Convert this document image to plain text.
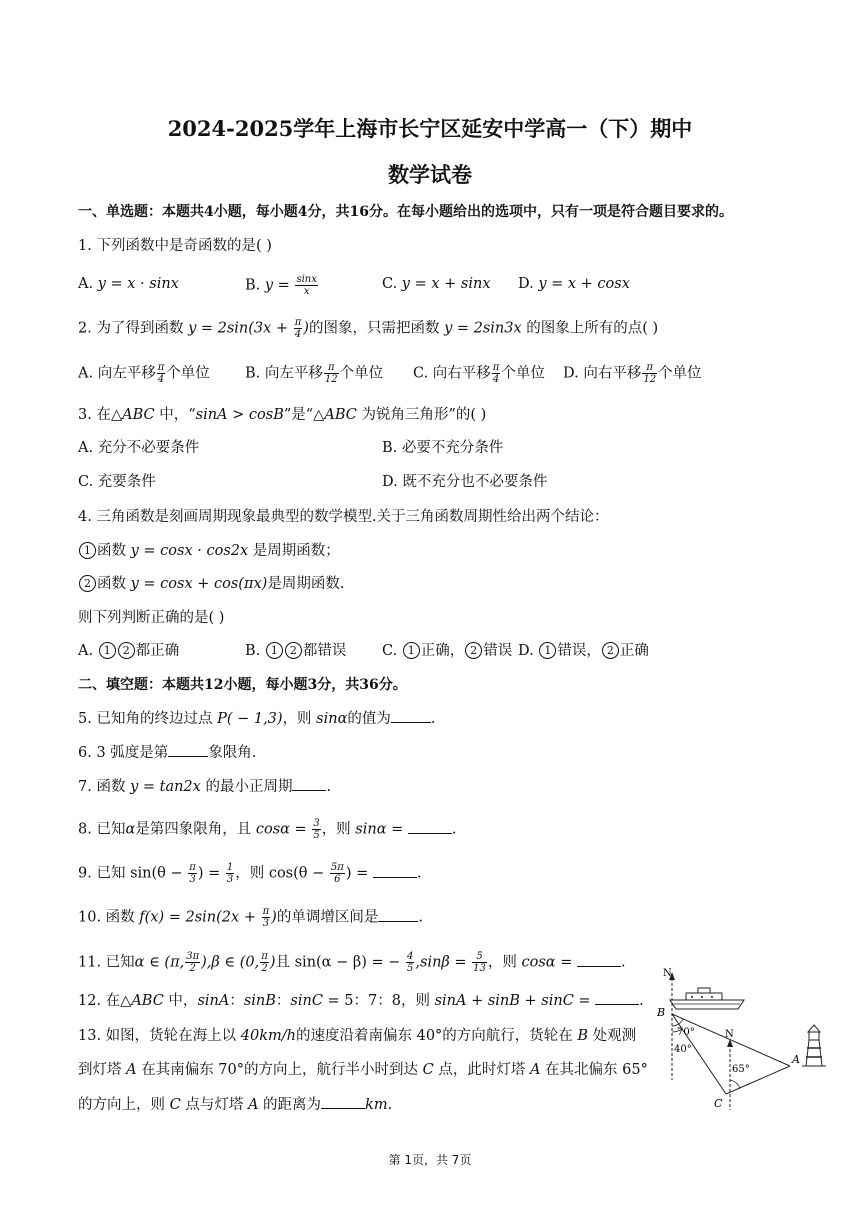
2024-2025学年上海市长宁区延安中学高一（下）期中
数学试卷
一、单选题：本题共4小题，每小题4分，共16分。在每小题给出的选项中，只有一项是符合题目要求的。
1. 下列函数中是奇函数的是( )
A. y = x · sinx	B. $y = \frac{\sin x}{x}$	C. y = x + sinx D. y = x + cosx
2. 为了得到函数 $y = 2\sin(3x + \frac{\pi}{4}$ )的图象，只需把函数 y = 2sin3x 的图象上所有的点( )
A. 向左平移 $\frac{\pi}{4}$ 个单位 B. 向左平移 $\frac{\pi}{12}$ 个单位 C. 向右平移 $\frac{\pi}{4}$ 个单位 D. 向右平移 $\frac{\pi}{12}$ 个单位
3. 在△ABC 中，“sinA > cosB”是“△ABC 为锐角三角形”的( )
A. 充分不必要条件	B. 必要不充分条件
C. 充要条件	D. 既不充分也不必要条件
4. 三角函数是刻画周期现象最典型的数学模型.关于三角函数周期性给出两个结论：
1 函数 y = cosx · cos2x 是周期函数；
2 函数 y = cosx + cos(πx)是周期函数.
则下列判断正确的是( )
A. 1 2 都正确	B. 1 2 都错误 C. 1 正确， 2 错误 D. 1 错误， 2 正确
二、填空题：本题共12小题，每小题3分，共36分。
5. 已知角的终边过点 P( − 1,3)，则 sinα的值为	.
6. 3 弧度是第	象限角.
7. 函数 y = tan2x 的最小正周期 .
8. 已知α是第四象限角，且 $\cos\alpha = \frac{3}{5}$ ，则 sinα =	.
9. 已知 $\sin(\theta - \frac{\pi}{3}$ ) = $\frac{1}{3}$ ，则 $\cos(\theta - \frac{5\pi}{6}$ ) =	.
10. 函数 $f(x) = 2\sin(2x + \frac{\pi}{3}$ )的单调增区间是	.
11. 已知α ∈ (π, $\frac{3\pi}{2} ),\beta$ ∈ (0, $\frac{\pi}{2}$ )且 sin(α − β) = − $\frac{4}{5} ,\sin\beta = \frac{5}{13}$ ，则 cosα =	.
12. 在△ABC 中，sinA：sinB：sinC = 5：7：8，则 sinA + sinB + sinC =	.
13. 如图，货轮在海上以 40km/h的速度沿着南偏东 40°的方向航行，货轮在 B 处观测
到灯塔 A 在其南偏东 70°的方向上，航行半小时到达 C 点，此时灯塔 A 在其北偏东 65°
的方向上，则 C 点与灯塔 A 的距离为	km.
N
N
B
C
A
70°
40°
65°
第 1页，共 7页
